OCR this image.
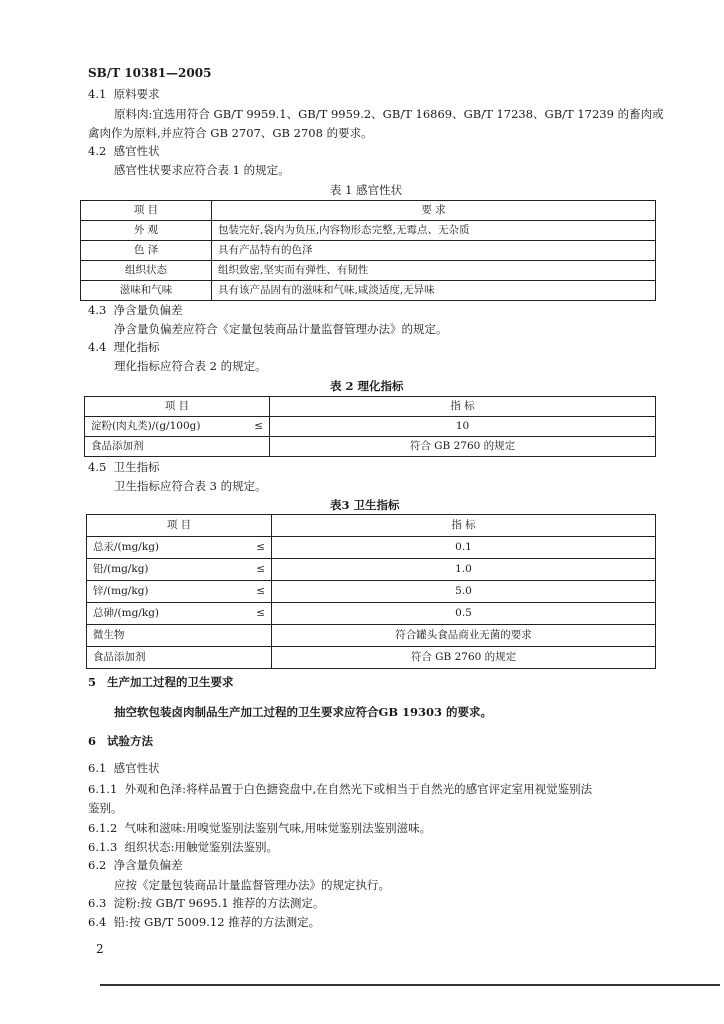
SB/T 10381—2005
4.1 原料要求
原料肉:宜选用符合 GB/T 9959.1、GB/T 9959.2、GB/T 16869、GB/T 17238、GB/T 17239 的畜肉或
禽肉作为原料,并应符合 GB 2707、GB 2708 的要求。
4.2 感官性状
感官性状要求应符合表 1 的规定。
表 1 感官性状
项 目	要 求
外 观	包装完好,袋内为负压,内容物形态完整,无霉点、无杂质
色 泽	具有产品特有的色泽
组织状态	组织致密,坚实而有弹性、有韧性
滋味和气味	具有该产品固有的滋味和气味,咸淡适度,无异味
4.3 净含量负偏差
净含量负偏差应符合《定量包装商品计量监督管理办法》的规定。
4.4 理化指标
理化指标应符合表 2 的规定。
表 2 理化指标
项 目		指 标
淀粉(肉丸类)/(g/100g)	≤	10
食品添加剂		符合 GB 2760 的规定
4.5 卫生指标
卫生指标应符合表 3 的规定。
表3 卫生指标
项 目		指 标
总汞/(mg/kg)	≤	0.1
铅/(mg/kg)	≤	1.0
锌/(mg/kg)	≤	5.0
总砷/(mg/kg)	≤	0.5
微生物		符合罐头食品商业无菌的要求
食品添加剂		符合 GB 2760 的规定
5 生产加工过程的卫生要求
抽空软包装卤肉制品生产加工过程的卫生要求应符合GB 19303 的要求。
6 试验方法
6.1 感官性状
6.1.1 外观和色泽:将样品置于白色搪瓷盘中,在自然光下或相当于自然光的感官评定室用视觉鉴别法
鉴别。
6.1.2 气味和滋味:用嗅觉鉴别法鉴别气味,用味觉鉴别法鉴别滋味。
6.1.3 组织状态:用触觉鉴别法鉴别。
6.2 净含量负偏差
应按《定量包装商品计量监督管理办法》的规定执行。
6.3 淀粉:按 GB/T 9695.1 推荐的方法测定。
6.4 铅:按 GB/T 5009.12 推荐的方法测定。
2
